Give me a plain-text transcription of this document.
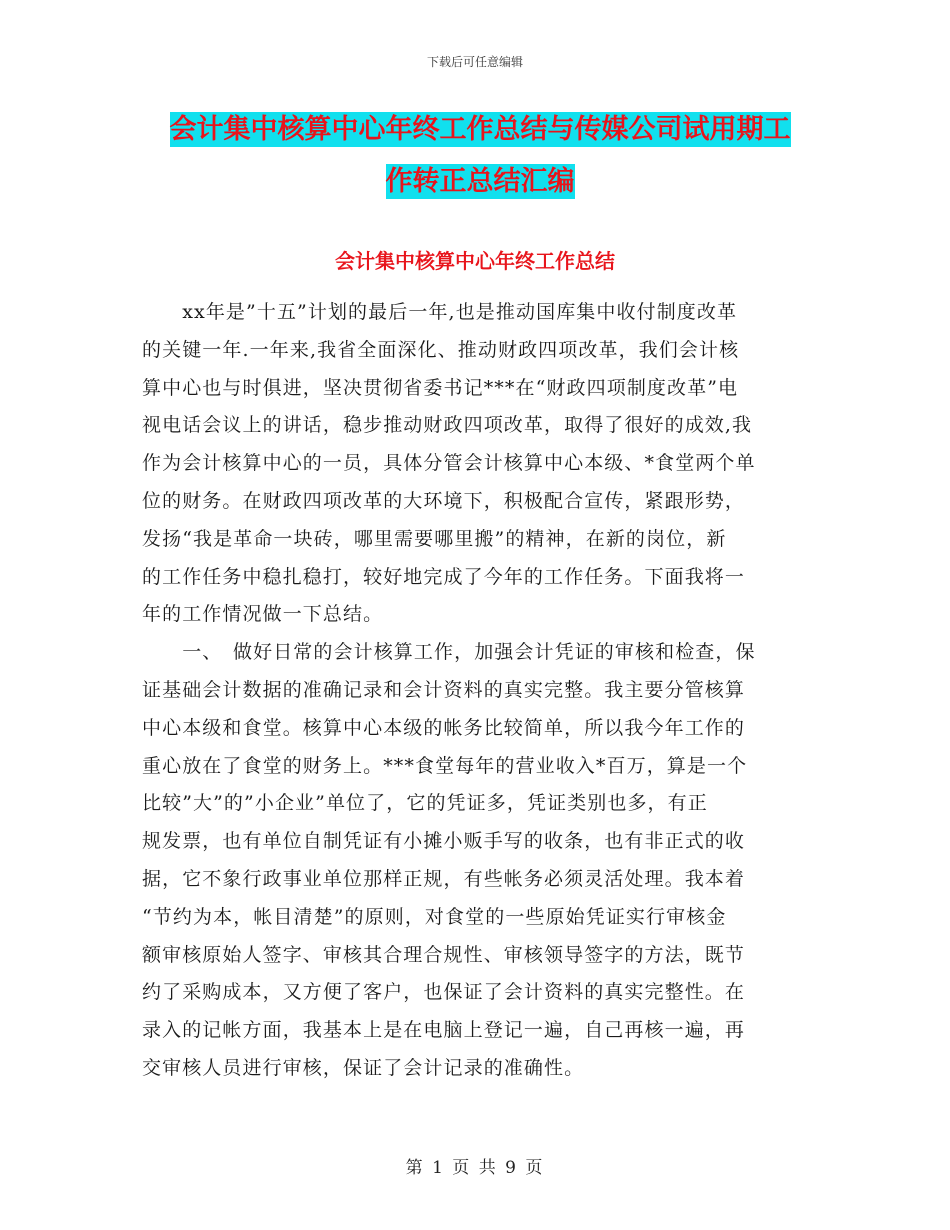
下载后可任意编辑
会计集中核算中心年终工作总结与传媒公司试用期工
作转正总结汇编
会计集中核算中心年终工作总结
　　xx年是”十五”计划的最后一年,也是推动国库集中收付制度改革
的关键一年.一年来,我省全面深化、推动财政四项改革，我们会计核
算中心也与时俱进，坚决贯彻省委书记***在“财政四项制度改革”电
视电话会议上的讲话，稳步推动财政四项改革，取得了很好的成效,我
作为会计核算中心的一员，具体分管会计核算中心本级、*食堂两个单
位的财务。在财政四项改革的大环境下，积极配合宣传，紧跟形势，
发扬“我是革命一块砖，哪里需要哪里搬”的精神，在新的岗位，新
的工作任务中稳扎稳打，较好地完成了今年的工作任务。下面我将一
年的工作情况做一下总结。
　　一、　做好日常的会计核算工作，加强会计凭证的审核和检查，保
证基础会计数据的准确记录和会计资料的真实完整。我主要分管核算
中心本级和食堂。核算中心本级的帐务比较简单，所以我今年工作的
重心放在了食堂的财务上。***食堂每年的营业收入*百万，算是一个
比较”大”的”小企业”单位了，它的凭证多，凭证类别也多，有正
规发票，也有单位自制凭证有小摊小贩手写的收条，也有非正式的收
据，它不象行政事业单位那样正规，有些帐务必须灵活处理。我本着
“节约为本，帐目清楚”的原则，对食堂的一些原始凭证实行审核金
额审核原始人签字、审核其合理合规性、审核领导签字的方法，既节
约了采购成本，又方便了客户，也保证了会计资料的真实完整性。在
录入的记帐方面，我基本上是在电脑上登记一遍，自己再核一遍，再
交审核人员进行审核，保证了会计记录的准确性。
第 1 页 共 9 页
